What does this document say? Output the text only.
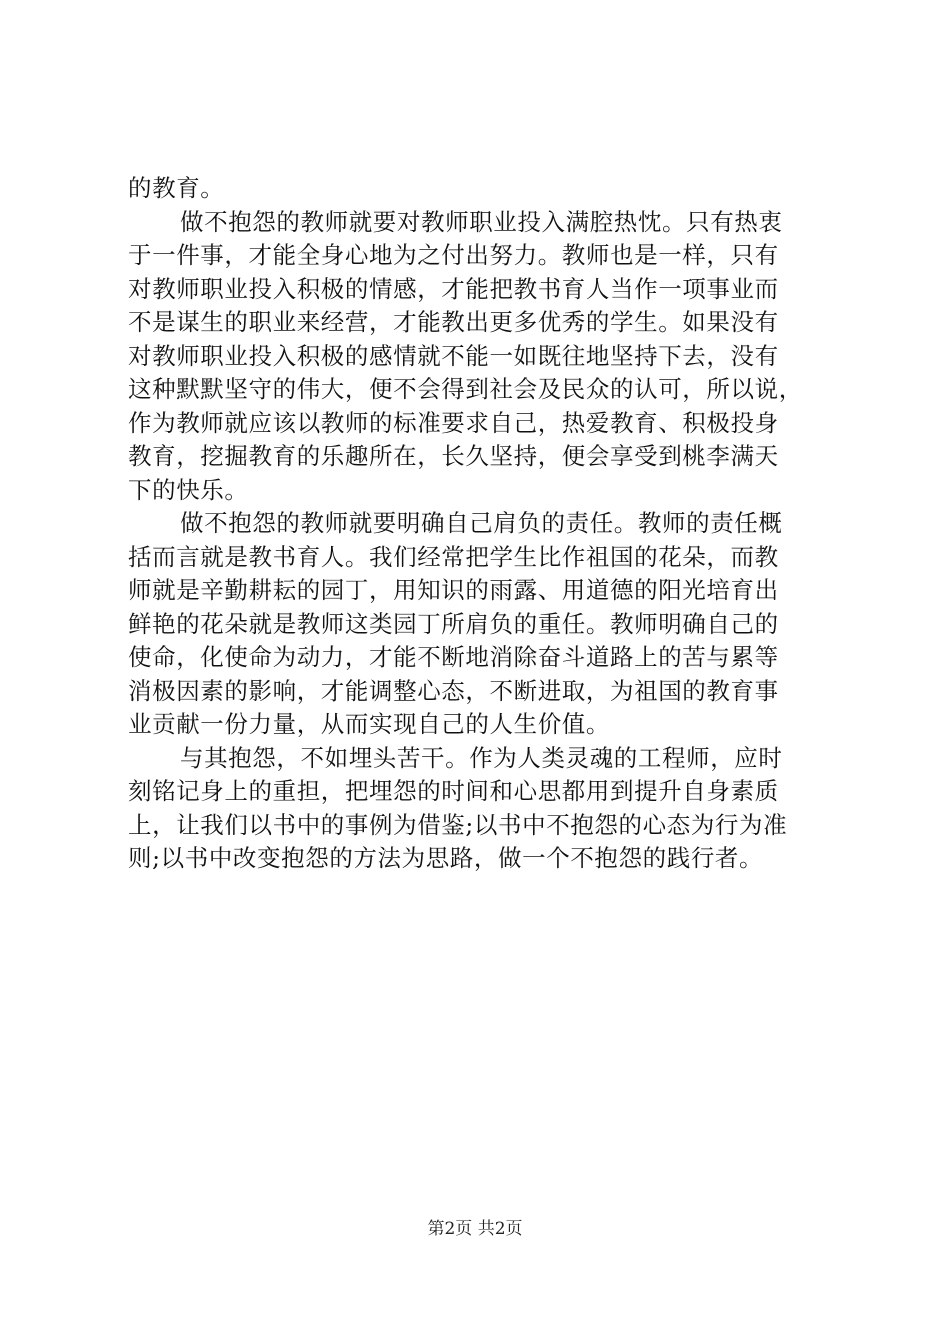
的教育。
做不抱怨的教师就要对教师职业投入满腔热忱。只有热衷
于一件事，才能全身心地为之付出努力。教师也是一样，只有
对教师职业投入积极的情感，才能把教书育人当作一项事业而
不是谋生的职业来经营，才能教出更多优秀的学生。如果没有
对教师职业投入积极的感情就不能一如既往地坚持下去，没有
这种默默坚守的伟大，便不会得到社会及民众的认可，所以说，
作为教师就应该以教师的标准要求自己，热爱教育、积极投身
教育，挖掘教育的乐趣所在，长久坚持，便会享受到桃李满天
下的快乐。
做不抱怨的教师就要明确自己肩负的责任。教师的责任概
括而言就是教书育人。我们经常把学生比作祖国的花朵，而教
师就是辛勤耕耘的园丁，用知识的雨露、用道德的阳光培育出
鲜艳的花朵就是教师这类园丁所肩负的重任。教师明确自己的
使命，化使命为动力，才能不断地消除奋斗道路上的苦与累等
消极因素的影响，才能调整心态，不断进取，为祖国的教育事
业贡献一份力量，从而实现自己的人生价值。
与其抱怨，不如埋头苦干。作为人类灵魂的工程师，应时
刻铭记身上的重担，把埋怨的时间和心思都用到提升自身素质
上，让我们以书中的事例为借鉴;以书中不抱怨的心态为行为准
则;以书中改变抱怨的方法为思路，做一个不抱怨的践行者。
第2页 共2页
